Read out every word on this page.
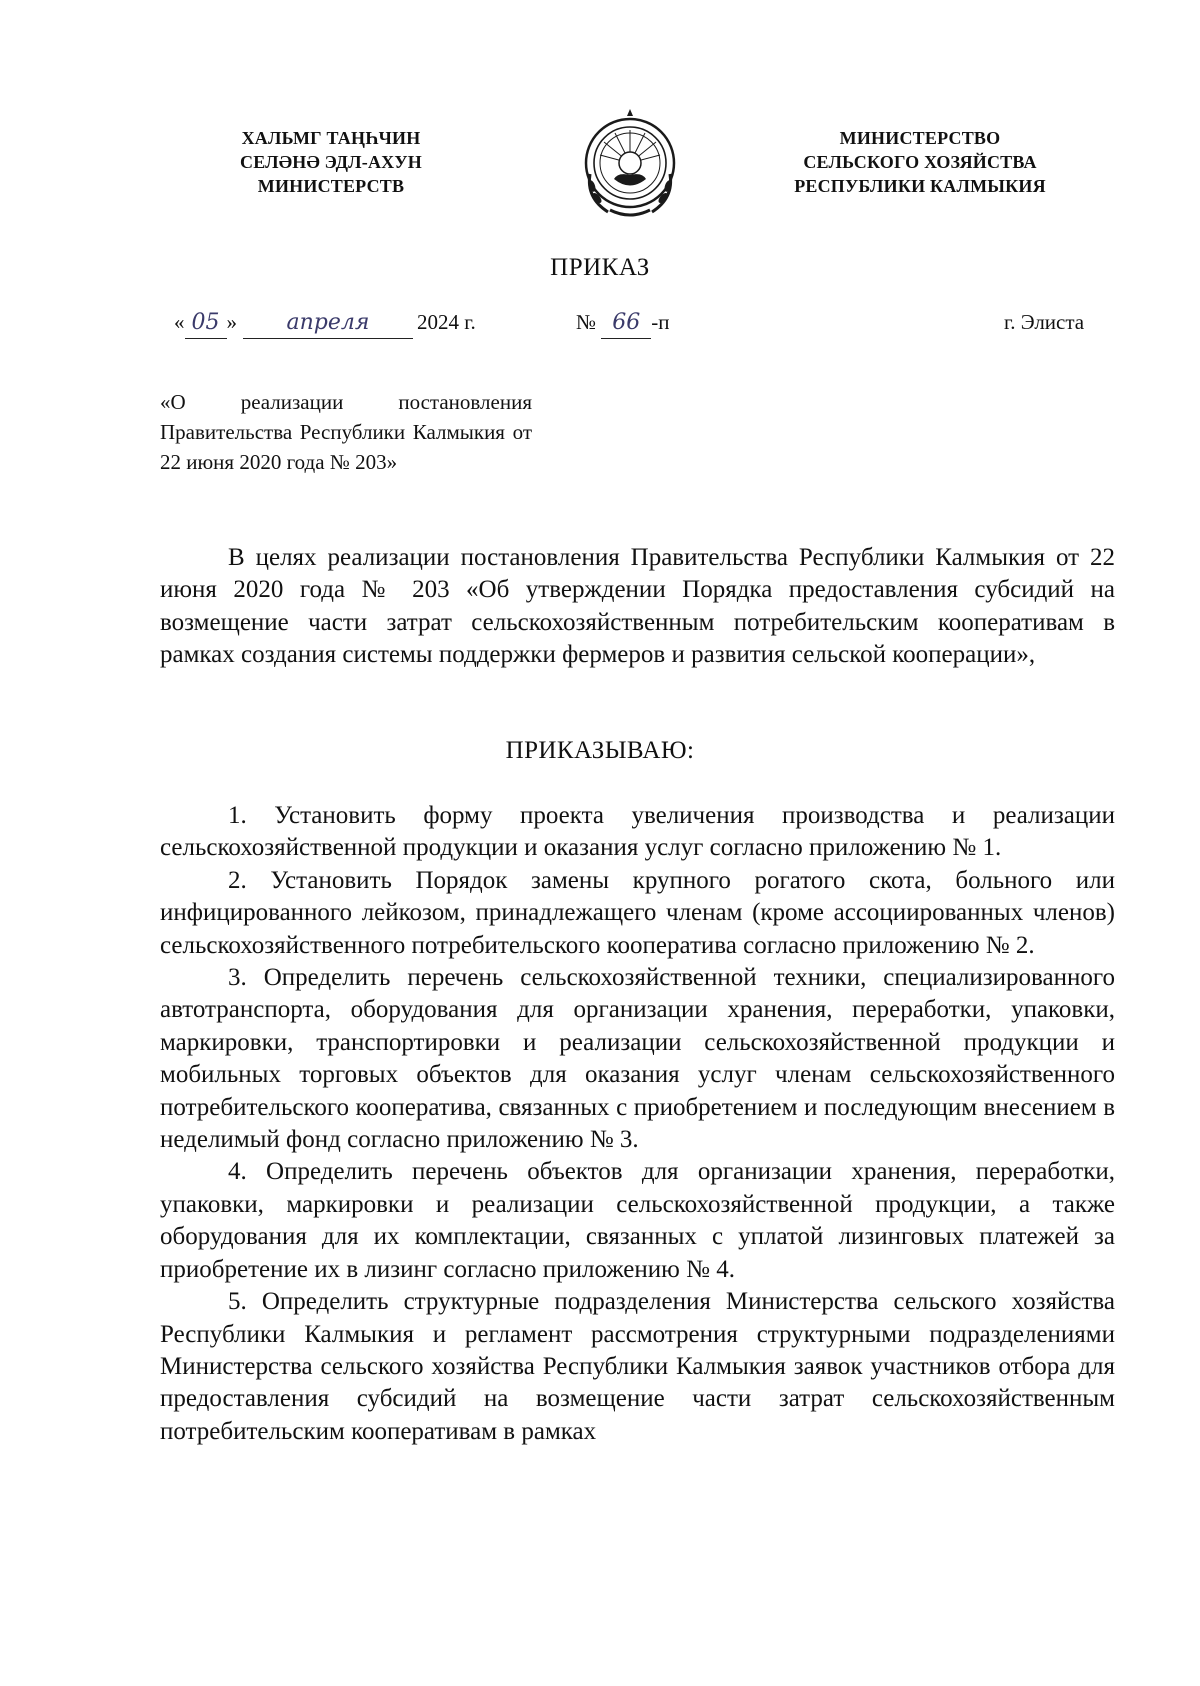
ХАЛЬМГ ТАҢҺЧИН
СЕЛӘНӘ ЭДЛ-АХУН
МИНИСТЕРСТВ
МИНИСТЕРСТВО
СЕЛЬСКОГО ХОЗЯЙСТВА
РЕСПУБЛИКИ КАЛМЫКИЯ
ПРИКАЗ
« 05 » апреля 2024 г.	№ 66 -п	г. Элиста

«О реализации постановления Правительства Республики Калмыкия от 22 июня 2020 года № 203»

В целях реализации постановления Правительства Республики Калмыкия от 22 июня 2020 года № 203 «Об утверждении Порядка предоставления субсидий на возмещение части затрат сельскохозяйственным потребительским кооперативам в рамках создания системы поддержки фермеров и развития сельской кооперации»,

ПРИКАЗЫВАЮ:

1. Установить форму проекта увеличения производства и реализации сельскохозяйственной продукции и оказания услуг согласно приложению № 1.

2. Установить Порядок замены крупного рогатого скота, больного или инфицированного лейкозом, принадлежащего членам (кроме ассоциированных членов) сельскохозяйственного потребительского кооператива согласно приложению № 2.

3. Определить перечень сельскохозяйственной техники, специализированного автотранспорта, оборудования для организации хранения, переработки, упаковки, маркировки, транспортировки и реализации сельскохозяйственной продукции и мобильных торговых объектов для оказания услуг членам сельскохозяйственного потребительского кооператива, связанных с приобретением и последующим внесением в неделимый фонд согласно приложению № 3.

4. Определить перечень объектов для организации хранения, переработки, упаковки, маркировки и реализации сельскохозяйственной продукции, а также оборудования для их комплектации, связанных с уплатой лизинговых платежей за приобретение их в лизинг согласно приложению № 4.

5. Определить структурные подразделения Министерства сельского хозяйства Республики Калмыкия и регламент рассмотрения структурными подразделениями Министерства сельского хозяйства Республики Калмыкия заявок участников отбора для предоставления субсидий на возмещение части затрат сельскохозяйственным потребительским кооперативам в рамках
